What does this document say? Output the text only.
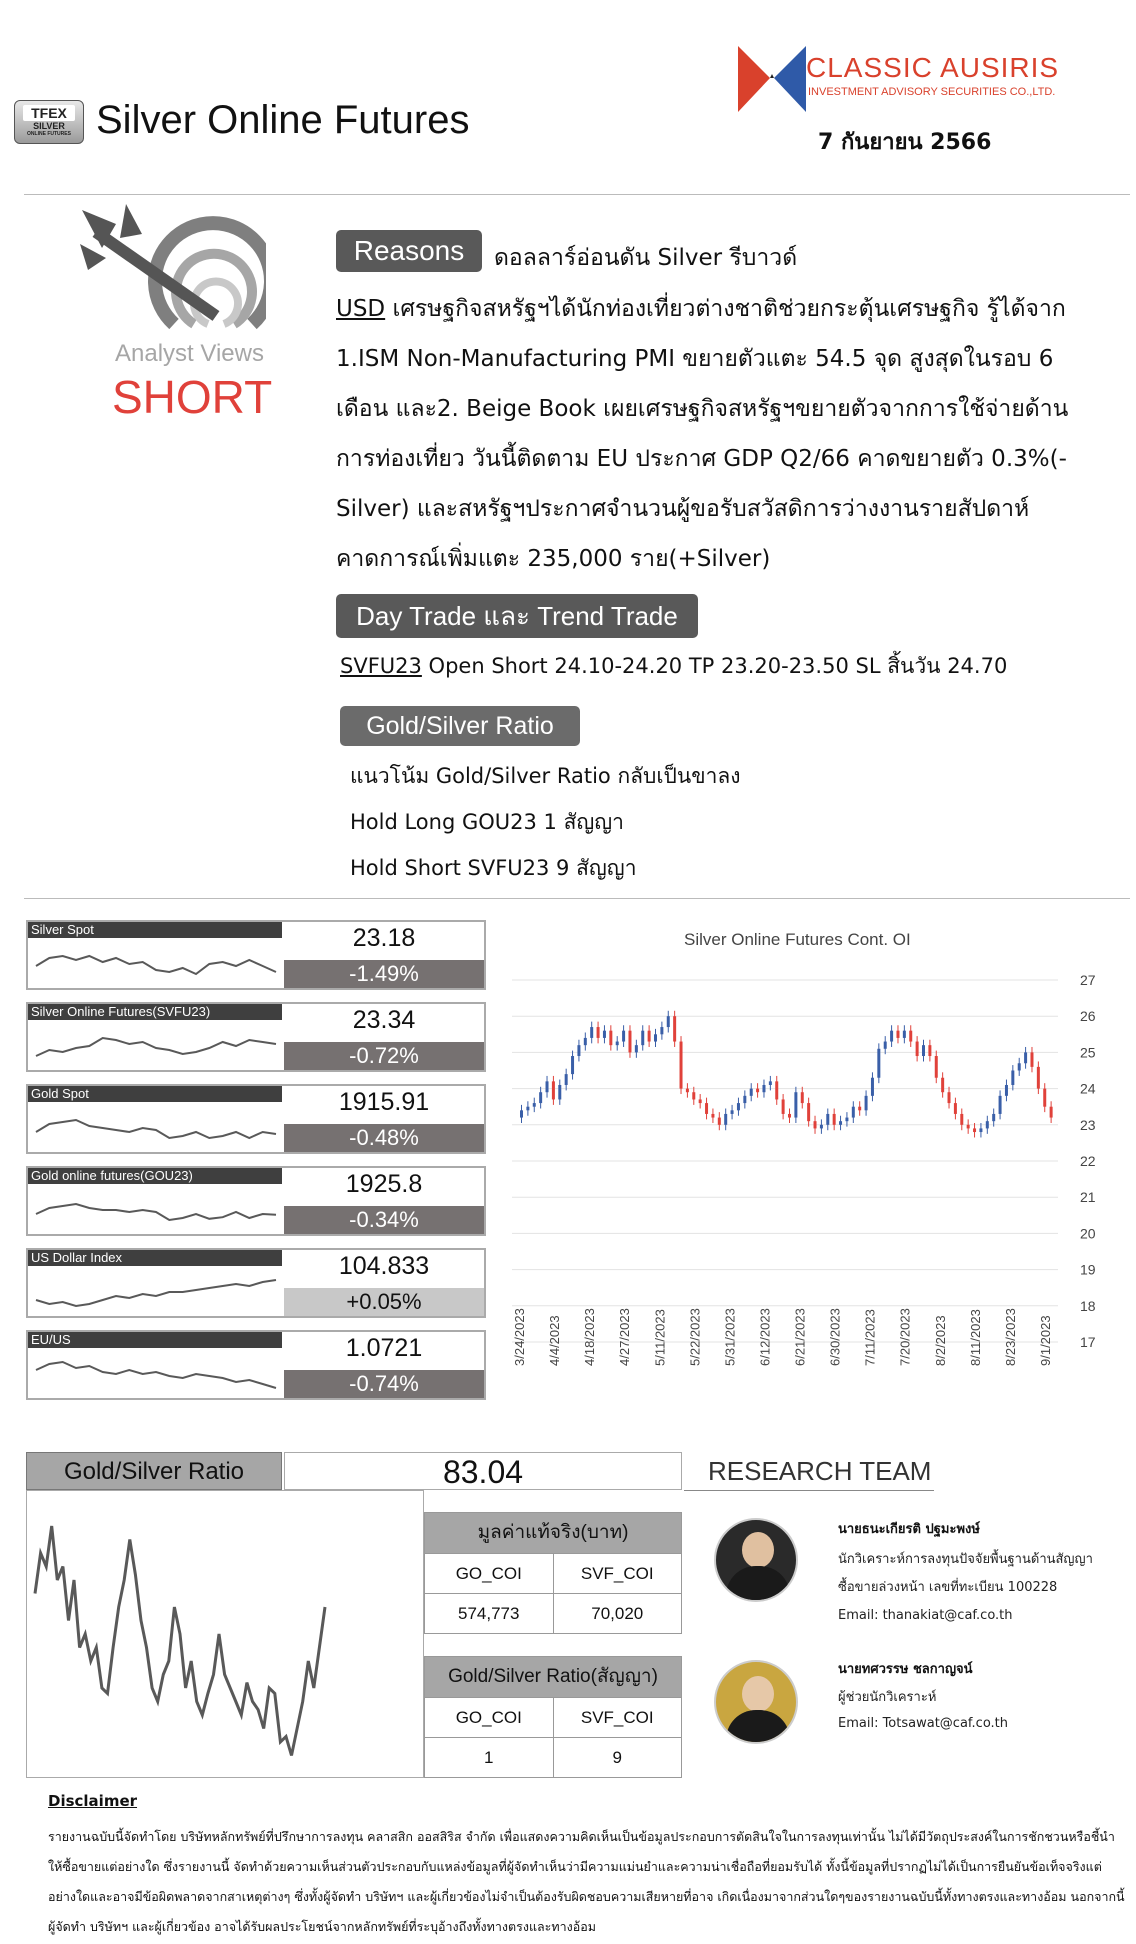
TFEX
SILVER
ONLINE FUTURES Silver Online Futures
CLASSIC AUSIRIS
INVESTMENT ADVISORY SECURITIES CO.,LTD.
7 กันยายน 2566
Analyst Views
SHORT
Reasons	ดอลลาร์อ่อนดัน Silver รีบาวด์
USD เศรษฐกิจสหรัฐฯได้นักท่องเที่ยวต่างชาติช่วยกระตุ้นเศรษฐกิจ รู้ได้จาก
1.ISM Non-Manufacturing PMI ขยายตัวแตะ 54.5 จุด สูงสุดในรอบ 6
เดือน และ2. Beige Book เผยเศรษฐกิจสหรัฐฯขยายตัวจากการใช้จ่ายด้าน
การท่องเที่ยว วันนี้ติดตาม EU ประกาศ GDP Q2/66 คาดขยายตัว 0.3%(-
Silver) และสหรัฐฯประกาศจำนวนผู้ขอรับสวัสดิการว่างงานรายสัปดาห์
คาดการณ์เพิ่มแตะ 235,000 ราย(+Silver)
Day Trade และ Trend Trade
SVFU23 Open Short 24.10-24.20 TP 23.20-23.50 SL สิ้นวัน 24.70
Gold/Silver Ratio
แนวโน้ม Gold/Silver Ratio กลับเป็นขาลง
Hold Long GOU23 1 สัญญา
Hold Short SVFU23 9 สัญญา
Silver Spot	23.18
-1.49%
Silver Online Futures(SVFU23)	23.34
-0.72%
Gold Spot	1915.91
-0.48%
Gold online futures(GOU23)	1925.8
-0.34%
US Dollar Index	104.833
+0.05%
EU/US	1.0721
-0.74%
Silver Online Futures Cont. OI
27
26
25
24
23
22
21
20
19
18
17
3/24/2023 4/4/2023 4/18/2023 4/27/2023 5/11/2023 5/22/2023 5/31/2023 6/12/2023 6/21/2023 6/30/2023 7/11/2023 7/20/2023 8/2/2023 8/11/2023 8/23/2023 9/1/2023
Gold/Silver Ratio	83.04
มูลค่าแท้จริง(บาท)
GO_COI	SVF_COI
574,773	70,020
Gold/Silver Ratio(สัญญา)
GO_COI	SVF_COI
1	9
RESEARCH TEAM
นายธนะเกียรติ ปฐมะพงษ์
นักวิเคราะห์การลงทุนปัจจัยพื้นฐานด้านสัญญา
ซื้อขายล่วงหน้า เลขที่ทะเบียน 100228
Email: thanakiat@caf.co.th
นายทศวรรษ ชลกาญจน์
ผู้ช่วยนักวิเคราะห์
Email: Totsawat@caf.co.th
Disclaimer
รายงานฉบับนี้จัดทำโดย บริษัทหลักทรัพย์ที่ปรึกษาการลงทุน คลาสสิก ออสสิริส จำกัด เพื่อแสดงความคิดเห็นเป็นข้อมูลประกอบการตัดสินใจในการลงทุนเท่านั้น ไม่ได้มีวัตถุประสงค์ในการชักชวนหรือชี้นำให้ซื้อขายแต่อย่างใด ซึ่งรายงานนี้ จัดทำด้วยความเห็นส่วนตัวประกอบกับแหล่งข้อมูลที่ผู้จัดทำเห็นว่ามีความแม่นยำและความน่าเชื่อถือที่ยอมรับได้ ทั้งนี้ข้อมูลที่ปรากฏไม่ได้เป็นการยืนยันข้อเท็จจริงแต่อย่างใดและอาจมีข้อผิดพลาดจากสาเหตุต่างๆ ซึ่งทั้งผู้จัดทำ บริษัทฯ และผู้เกี่ยวข้องไม่จำเป็นต้องรับผิดชอบความเสียหายที่อาจ เกิดเนื่องมาจากส่วนใดๆของรายงานฉบับนี้ทั้งทางตรงและทางอ้อม นอกจากนี้ผู้จัดทำ บริษัทฯ และผู้เกี่ยวข้อง อาจได้รับผลประโยชน์จากหลักทรัพย์ที่ระบุอ้างถึงทั้งทางตรงและทางอ้อม
